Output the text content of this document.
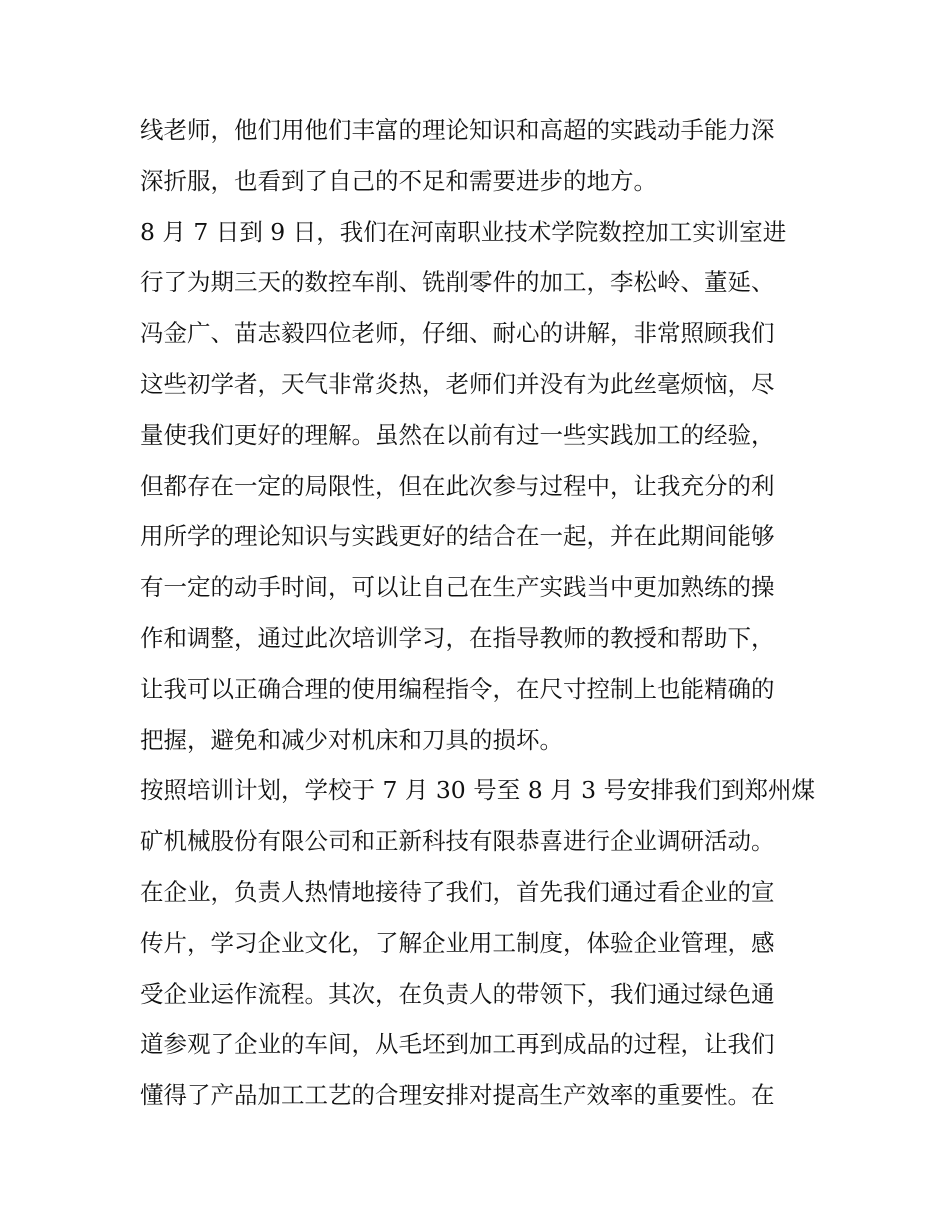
线老师，他们用他们丰富的理论知识和高超的实践动手能力深
深折服，也看到了自己的不足和需要进步的地方。
8 月 7 日到 9 日，我们在河南职业技术学院数控加工实训室进
行了为期三天的数控车削、铣削零件的加工，李松岭、董延、
冯金广、苗志毅四位老师，仔细、耐心的讲解，非常照顾我们
这些初学者，天气非常炎热，老师们并没有为此丝毫烦恼，尽
量使我们更好的理解。虽然在以前有过一些实践加工的经验，
但都存在一定的局限性，但在此次参与过程中，让我充分的利
用所学的理论知识与实践更好的结合在一起，并在此期间能够
有一定的动手时间，可以让自己在生产实践当中更加熟练的操
作和调整，通过此次培训学习，在指导教师的教授和帮助下，
让我可以正确合理的使用编程指令，在尺寸控制上也能精确的
把握，避免和减少对机床和刀具的损坏。
按照培训计划，学校于 7 月 30 号至 8 月 3 号安排我们到郑州煤
矿机械股份有限公司和正新科技有限恭喜进行企业调研活动。
在企业，负责人热情地接待了我们，首先我们通过看企业的宣
传片，学习企业文化，了解企业用工制度，体验企业管理，感
受企业运作流程。其次，在负责人的带领下，我们通过绿色通
道参观了企业的车间，从毛坯到加工再到成品的过程，让我们
懂得了产品加工工艺的合理安排对提高生产效率的重要性。在
